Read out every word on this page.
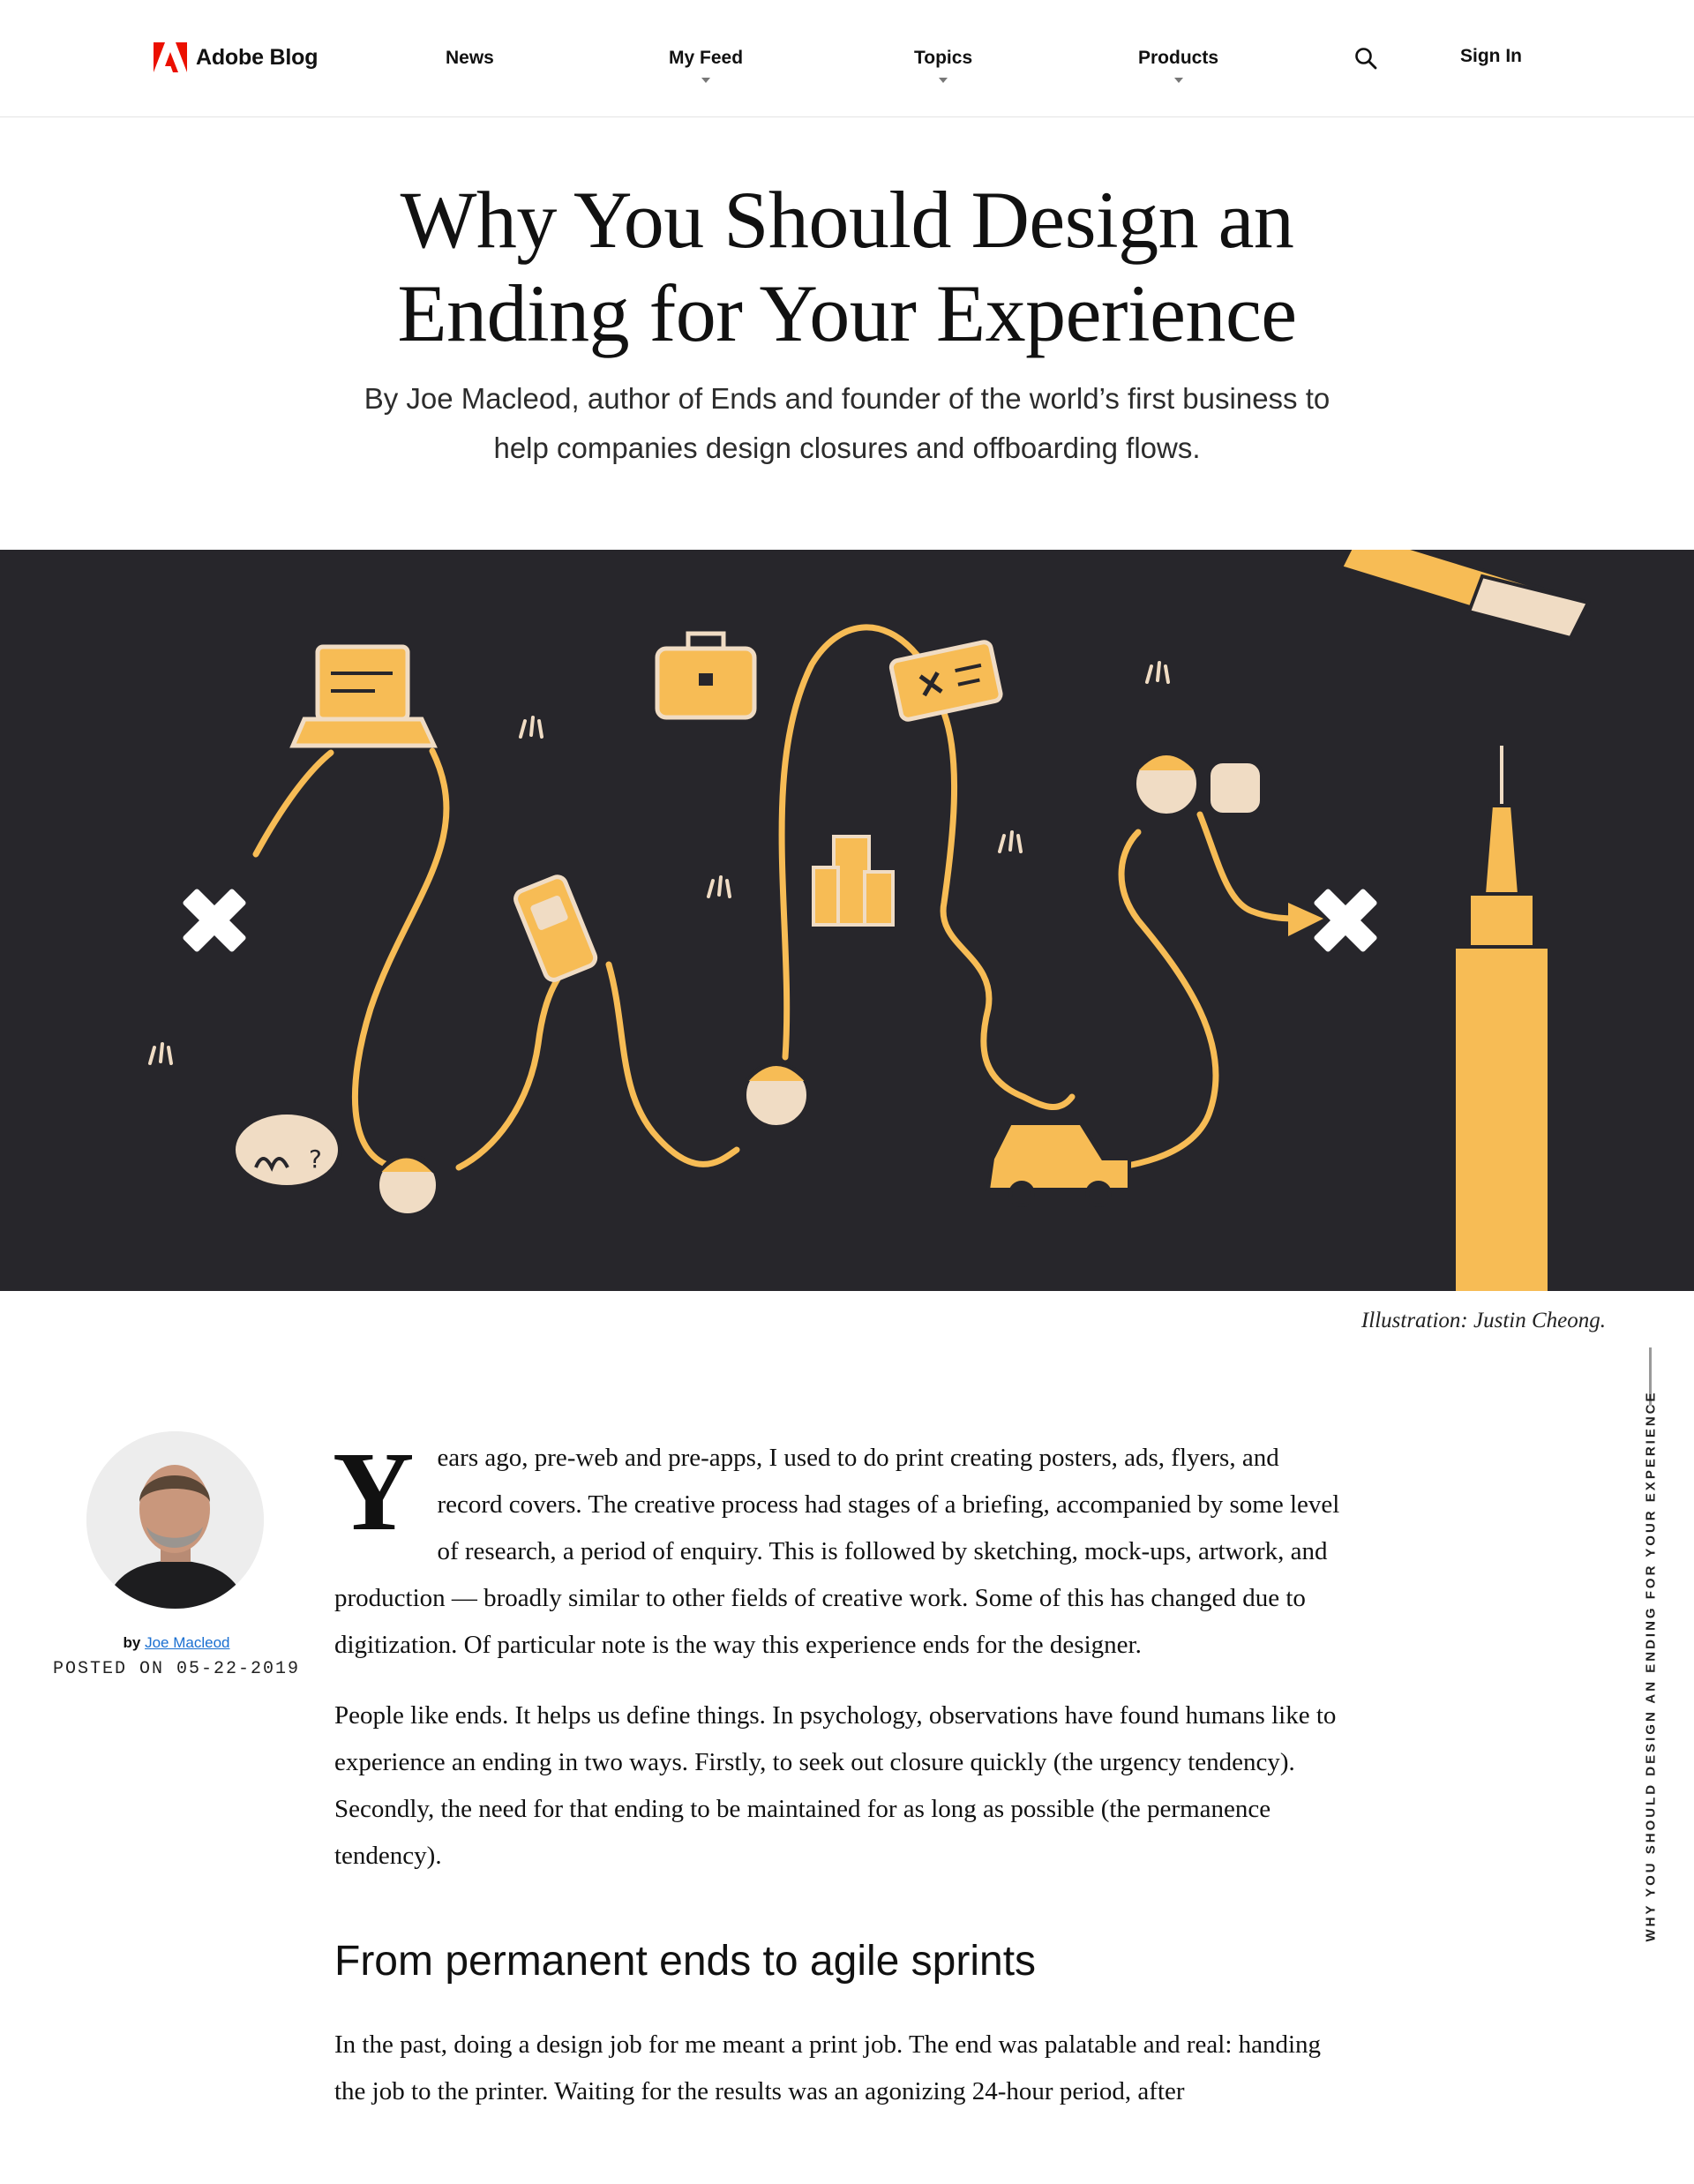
Adobe Blog	News	My Feed	Topics	Products	Sign In
Why You Should Design an Ending for Your Experience

By Joe Macleod, author of Ends and founder of the world’s first business to help companies design closures and offboarding flows.

?
Illustration: Justin Cheong.
WHY YOU SHOULD DESIGN AN ENDING FOR YOUR EXPERIENCE
by Joe Macleod
POSTED ON 05-22-2019

Y ears ago, pre-web and pre-apps, I used to do print creating posters, ads, flyers, and record covers. The creative process had stages of a briefing, accompanied by some level of research, a period of enquiry. This is followed by sketching, mock-ups, artwork, and production — broadly similar to other fields of creative work. Some of this has changed due to digitization. Of particular note is the way this experience ends for the designer.

People like ends. It helps us define things. In psychology, observations have found humans like to experience an ending in two ways. Firstly, to seek out closure quickly (the urgency tendency). Secondly, the need for that ending to be maintained for as long as possible (the permanence tendency).

From permanent ends to agile sprints

In the past, doing a design job for me meant a print job. The end was palatable and real: handing the job to the printer. Waiting for the results was an agonizing 24-hour period, after
